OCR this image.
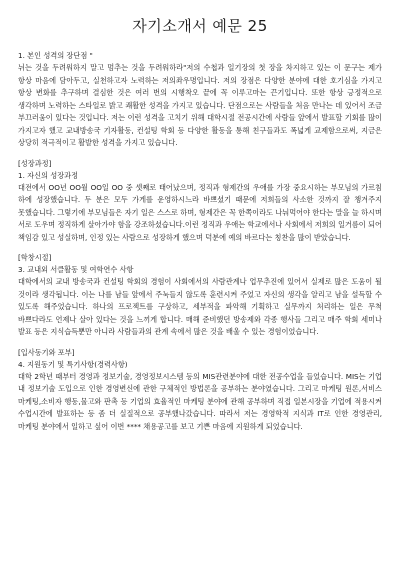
자기소개서 예문 25

1. 본인 성격의 장단점 "

뉘는 것을 두려워하지 말고 멈추는 것을 두려워하라"저의 수첩과 일기장의 첫 장을 차지하고 있는 이 문구는 제가 항상 마음에 담아두고, 실천하고자 노력하는 저의좌우명입니다. 저의 장점은 다양한 분야에 대한 호기심을 가지고 항상 변화를 추구하며 결심한 것은 여러 번의 시행착오 끝에 꼭 이루고마는 끈기입니다. 또한 항상 긍정적으로 생각하며 노력하는 스타일로 밝고 쾌활한 성격을 가지고 있습니다. 단점으로는 사람들을 처음 만나는 데 있어서 조금 부끄러움이 있다는 것입니다. 저는 이런 성격을 고치기 위해 대학시절 전공시간에 사람들 앞에서 발표할 기회를 많이 가지고자 했고 교내방송국 기자활동, 컨설팅 학회 등 다양한 활동을 통해 친구들과도 폭넓게 교제함으로써, 지금은 상당히 적극적이고 활발한 성격을 가지고 있습니다.

[성장과정]

1. 자신의 성장과정

대전에서 OO년 OO월 OO일 OO 중 셋째로 태어났으며, 정직과 형제간의 우애를 가장 중요시하는 부모님의 가르침 하에 성장했습니다. 두 분은 모두 가게를 운영하시느라 바쁘셨기 때문에 저희들의 사소한 것까지 잘 챙겨주지 못했습니다. 그렇기에 부모님들은 자기 일은 스스로 하며, 형제간은 꼭 한쪽이라도 나눠먹어야 한다는 말을 늘 하시며 서로 도우며 정직하게 살아가야 함을 강조하셨습니다.이런 정직과 우애는 학교에서나 사회에서 저희의 일거름이 되어 책임감 있고 성실하며, 인정 있는 사람으로 성장하게 했으며 덕분에 예의 바르다는 칭찬을 많이 받았습니다.

[학창시절]

3. 교내외 서클활동 및 여학연수 사항

대학에서의 교내 방송국과 컨설팅 학회의 경험이 사회에서의 사람관계나 업무추진에 있어서 실제로 많은 도움이 될 것이라 생각됩니다. 이는 나를 남들 앞에서 주눅들지 않도록 훈련시켜 주었고 자신의 생각을 알리고 남을 설득할 수 있도록 해주었습니다. 하나의 프로젝트를 구상하고, 세부적을 파악해 기획하고 실무까지 처리하는 일은 무척 바쁘다라도 언제나 살아 있다는 것을 느끼게 합니다. 매해 준비했던 방송제와 각종 행사들 그리고 매주 학회 세미나 발표 등은 지식습득뿐만 아니라 사람들과의 관계 속에서 많은 것을 배울 수 있는 경험이었습니다.

[입사동기와 포부]

4. 지원동기 및 특기사항(경력사항)

대학 2학년 때부터 경영과 정보기술, 경영정보시스템 등의 MIS관련분야에 대한 전공수업을 들었습니다. MIS는 기업 내 정보기술 도입으로 인한 경영변신에 관한 구체적인 방법론을 공부하는 분야였습니다. 그리고 마케팅 원론,서비스 마케팅,소비자 행동,물고와 판촉 등 기업의 효율적인 마케팅 분야에 관해 공부하며 직접 일본시장을 기업에 적용시켜 수업시간에 발표하는 등 좀 더 실질적으로 공부했나갔습니다. 따라서 저는 경영학적 지식과 IT로 인한 경영관리,마케팅 분야에서 일하고 싶어 이번 **** 채용공고를 보고 기쁜 마음에 지원하게 되었습니다.
